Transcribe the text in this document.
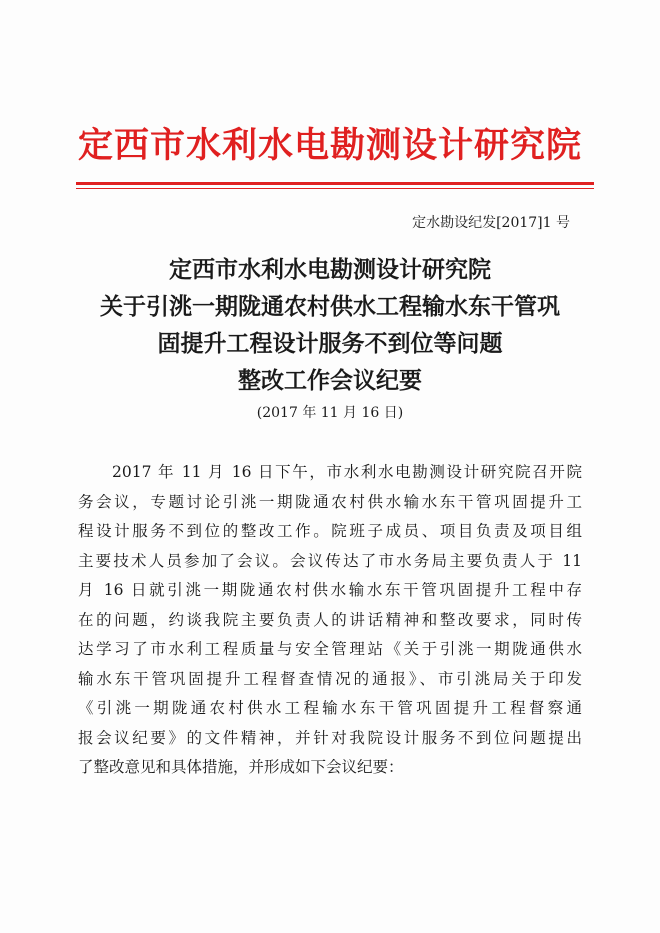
定西市水利水电勘测设计研究院
定水勘设纪发[2017]1 号
定西市水利水电勘测设计研究院
关于引洮一期陇通农村供水工程输水东干管巩
固提升工程设计服务不到位等问题
整改工作会议纪要
(2017 年 11 月 16 日)
2017 年 11 月 16 日下午，市水利水电勘测设计研究院召开院
务会议，专题讨论引洮一期陇通农村供水输水东干管巩固提升工
程设计服务不到位的整改工作。院班子成员、项目负责及项目组
主要技术人员参加了会议。会议传达了市水务局主要负责人于 11
月 16 日就引洮一期陇通农村供水输水东干管巩固提升工程中存
在的问题，约谈我院主要负责人的讲话精神和整改要求，同时传
达学习了市水利工程质量与安全管理站《关于引洮一期陇通供水
输水东干管巩固提升工程督查情况的通报》、市引洮局关于印发
《引洮一期陇通农村供水工程输水东干管巩固提升工程督察通
报会议纪要》的文件精神，并针对我院设计服务不到位问题提出
了整改意见和具体措施，并形成如下会议纪要：
